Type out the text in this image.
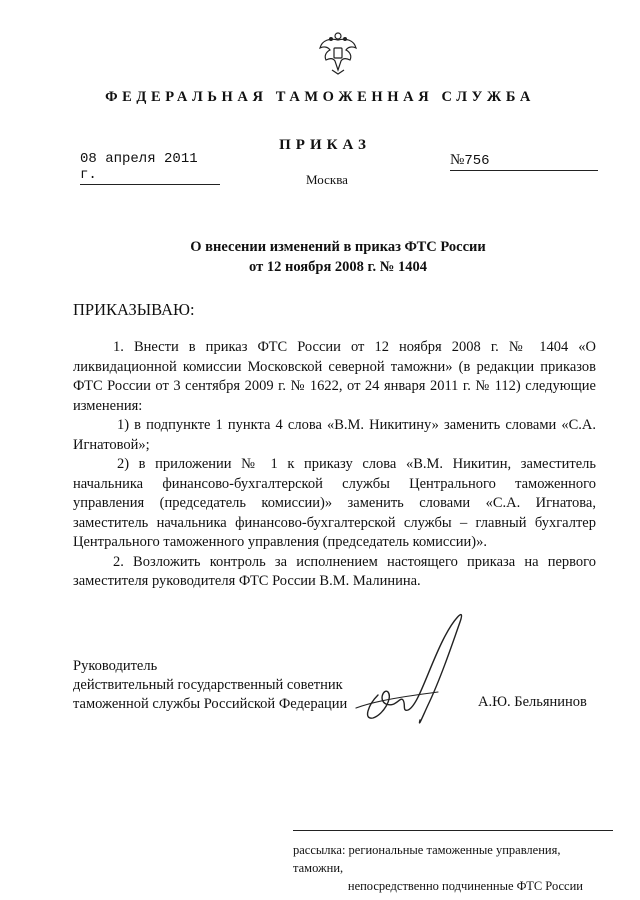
ФЕДЕРАЛЬНАЯ ТАМОЖЕННАЯ СЛУЖБА
ПРИКАЗ
08 апреля 2011 г.
№756
Москва
О внесении изменений в приказ ФТС России
от 12 ноября 2008 г. № 1404
ПРИКАЗЫВАЮ:

1. Внести в приказ ФТС России от 12 ноября 2008 г. № 1404 «О ликвидационной комиссии Московской северной таможни» (в редакции приказов ФТС России от 3 сентября 2009 г. № 1622, от 24 января 2011 г. № 112) следующие изменения:

1) в подпункте 1 пункта 4 слова «В.М. Никитину» заменить словами «С.А. Игнатовой»;

2) в приложении № 1 к приказу слова «В.М. Никитин, заместитель начальника финансово-бухгалтерской службы Центрального таможенного управления (председатель комиссии)» заменить словами «С.А. Игнатова, заместитель начальника финансово-бухгалтерской службы – главный бухгалтер Центрального таможенного управления (председатель комиссии)».

2. Возложить контроль за исполнением настоящего приказа на первого заместителя руководителя ФТС России В.М. Малинина.

Руководитель
действительный государственный советник
таможенной службы Российской Федерации	А.Ю. Бельянинов
рассылка: региональные таможенные управления, таможни,
непосредственно подчиненные ФТС России
